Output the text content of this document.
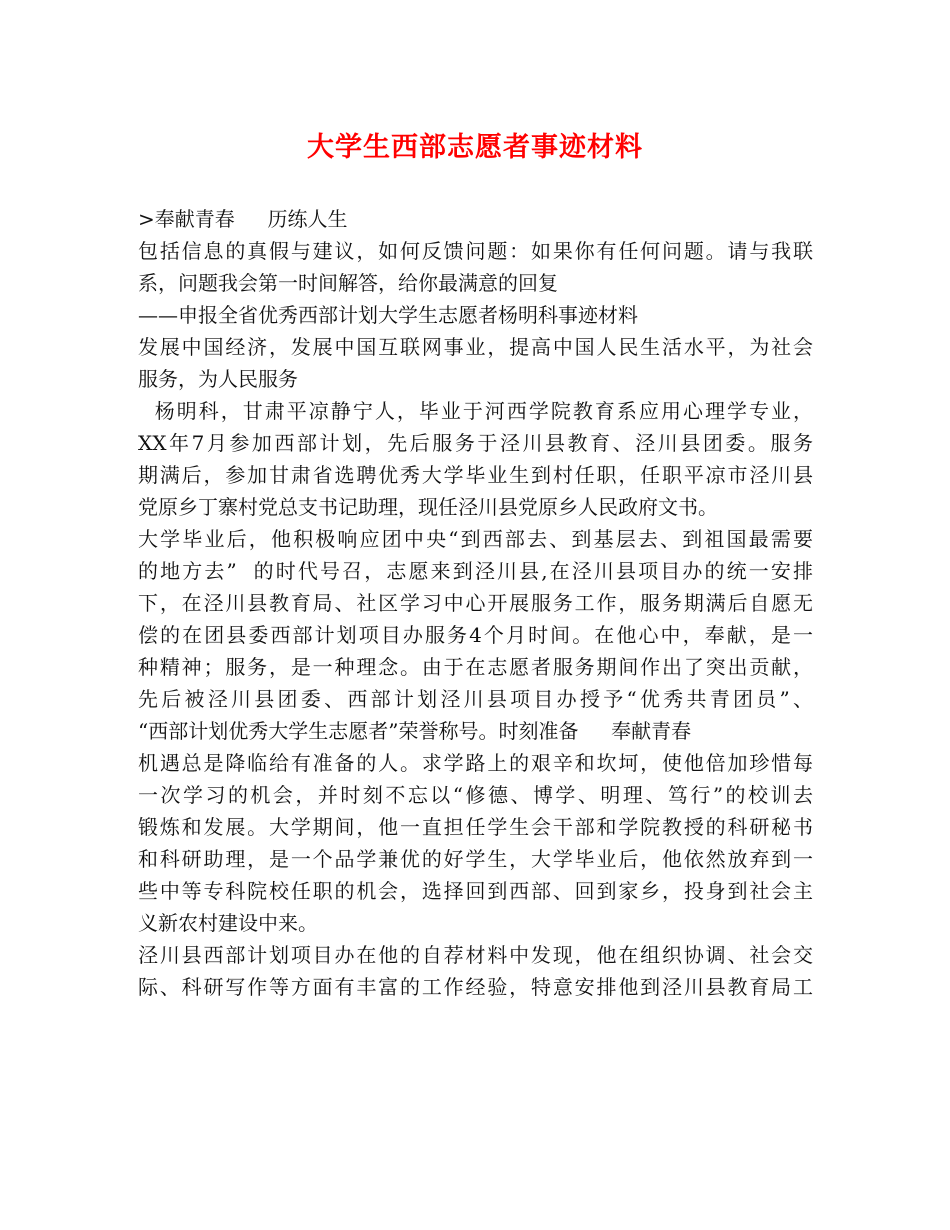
大学生西部志愿者事迹材料
>奉献青春　  历练人生
包括信息的真假与建议，如何反馈问题：如果你有任何问题。请与我联
系，问题我会第一时间解答，给你最满意的回复
——申报全省优秀西部计划大学生志愿者杨明科事迹材料
发展中国经济，发展中国互联网事业，提高中国人民生活水平，为社会
服务，为人民服务
杨明科，甘肃平凉静宁人，毕业于河西学院教育系应用心理学专业，
XX年7月参加西部计划，先后服务于泾川县教育、泾川县团委。服务
期满后，参加甘肃省选聘优秀大学毕业生到村任职，任职平凉市泾川县
党原乡丁寨村党总支书记助理，现任泾川县党原乡人民政府文书。
大学毕业后，他积极响应团中央“到西部去、到基层去、到祖国最需要
的地方去”  的时代号召，志愿来到泾川县,在泾川县项目办的统一安排
下，在泾川县教育局、社区学习中心开展服务工作，服务期满后自愿无
偿的在团县委西部计划项目办服务4个月时间。在他心中，奉献，是一
种精神；服务，是一种理念。由于在志愿者服务期间作出了突出贡献，
先后被泾川县团委、西部计划泾川县项目办授予“优秀共青团员”、
“西部计划优秀大学生志愿者”荣誉称号。时刻准备　  奉献青春
机遇总是降临给有准备的人。求学路上的艰辛和坎坷，使他倍加珍惜每
一次学习的机会，并时刻不忘以“修德、博学、明理、笃行”的校训去
锻炼和发展。大学期间，他一直担任学生会干部和学院教授的科研秘书
和科研助理，是一个品学兼优的好学生，大学毕业后，他依然放弃到一
些中等专科院校任职的机会，选择回到西部、回到家乡，投身到社会主
义新农村建设中来。
泾川县西部计划项目办在他的自荐材料中发现，他在组织协调、社会交
际、科研写作等方面有丰富的工作经验，特意安排他到泾川县教育局工
